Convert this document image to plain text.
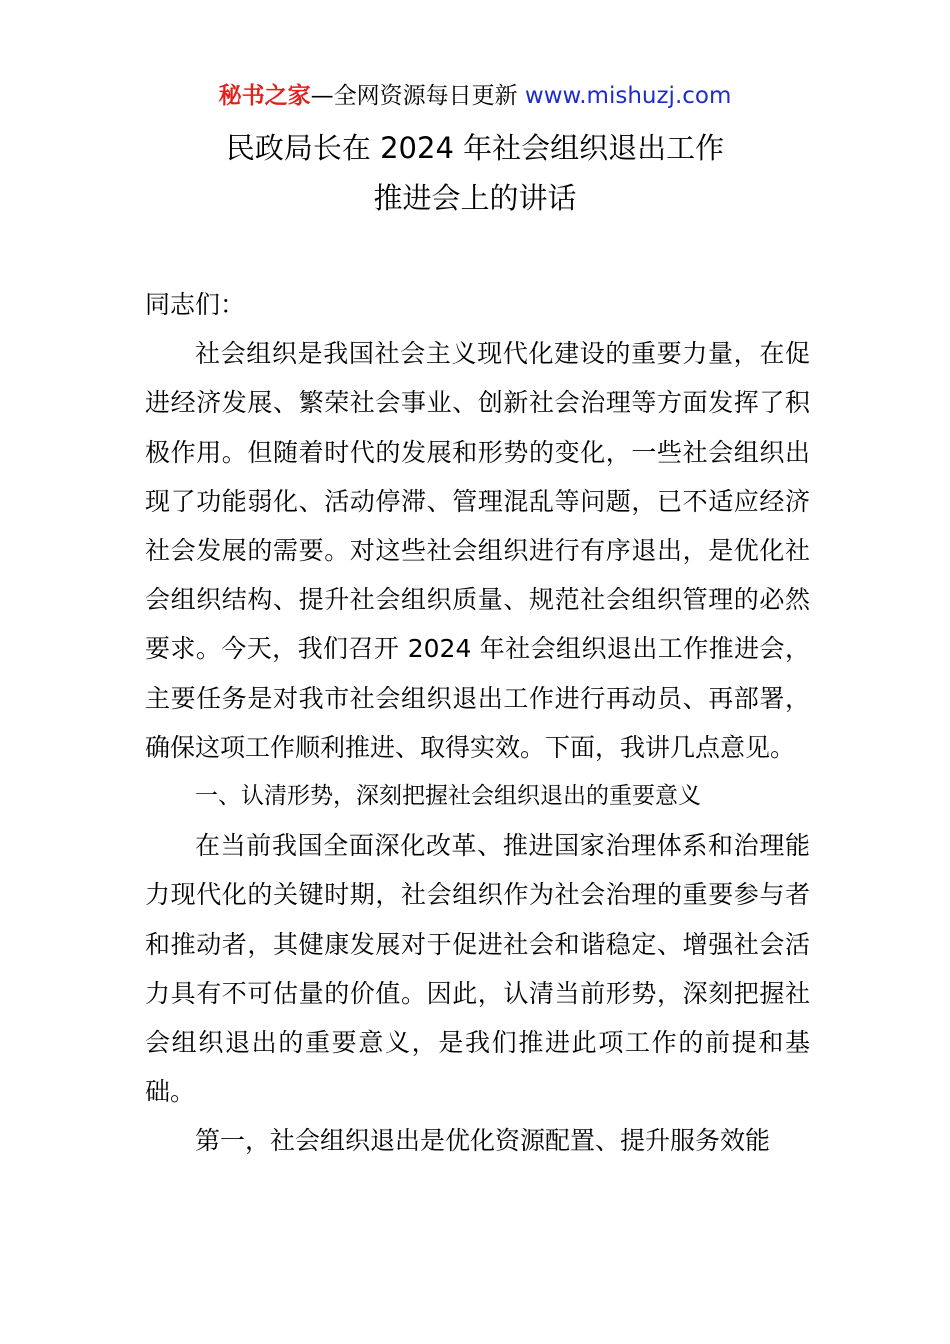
秘书之家—全网资源每日更新 www.mishuzj.com
民政局长在 2024 年社会组织退出工作
推进会上的讲话

同志们：

社会组织是我国社会主义现代化建设的重要力量，在促进经济发展、繁荣社会事业、创新社会治理等方面发挥了积极作用。但随着时代的发展和形势的变化，一些社会组织出现了功能弱化、活动停滞、管理混乱等问题，已不适应经济社会发展的需要。对这些社会组织进行有序退出，是优化社会组织结构、提升社会组织质量、规范社会组织管理的必然要求。今天，我们召开 2024 年社会组织退出工作推进会，主要任务是对我市社会组织退出工作进行再动员、再部署，确保这项工作顺利推进、取得实效。下面，我讲几点意见。

一、认清形势，深刻把握社会组织退出的重要意义

在当前我国全面深化改革、推进国家治理体系和治理能力现代化的关键时期，社会组织作为社会治理的重要参与者和推动者，其健康发展对于促进社会和谐稳定、增强社会活力具有不可估量的价值。因此，认清当前形势，深刻把握社会组织退出的重要意义，是我们推进此项工作的前提和基础。

第一，社会组织退出是优化资源配置、提升服务效能
